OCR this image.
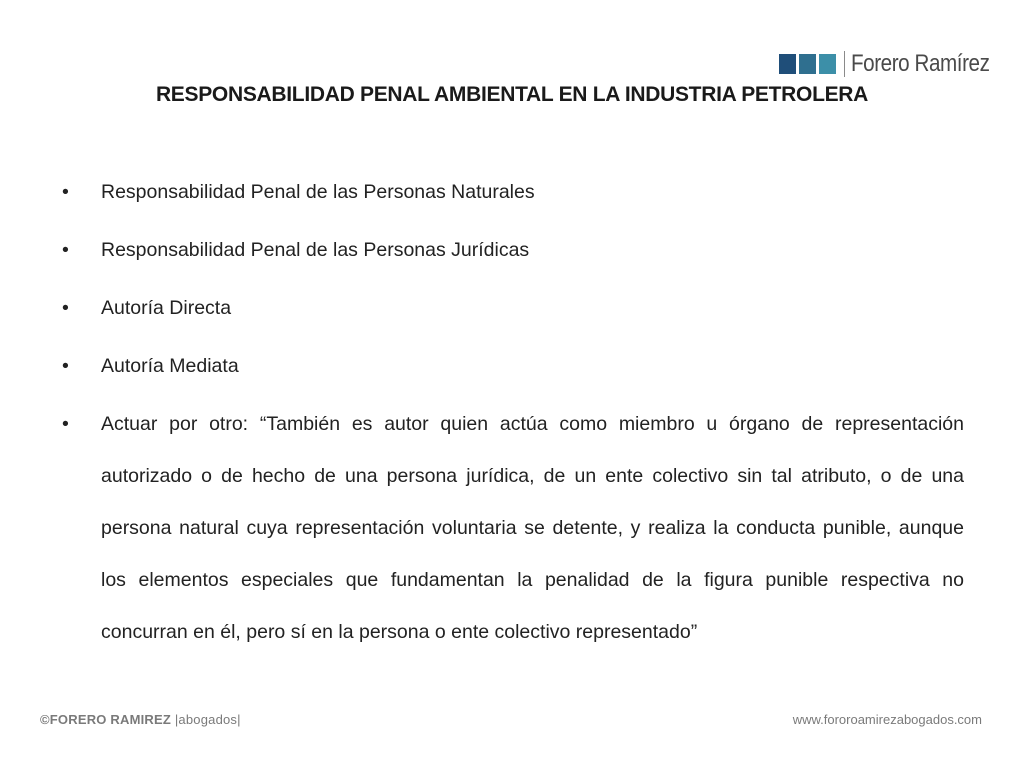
Forero Ramírez
RESPONSABILIDAD PENAL AMBIENTAL EN LA INDUSTRIA PETROLERA
• Responsabilidad Penal de las Personas Naturales
• Responsabilidad Penal de las Personas Jurídicas
• Autoría Directa
• Autoría Mediata
• Actuar por otro: “También es autor quien actúa como miembro u órgano de representación autorizado o de hecho de una persona jurídica, de un ente colectivo sin tal atributo, o de una persona natural cuya representación voluntaria se detente, y realiza la conducta punible, aunque los elementos especiales que fundamentan la penalidad de la figura punible respectiva no concurran en él, pero sí en la persona o ente colectivo representado”
©FORERO RAMIREZ |abogados|	www.fororoamirezabogados.com
